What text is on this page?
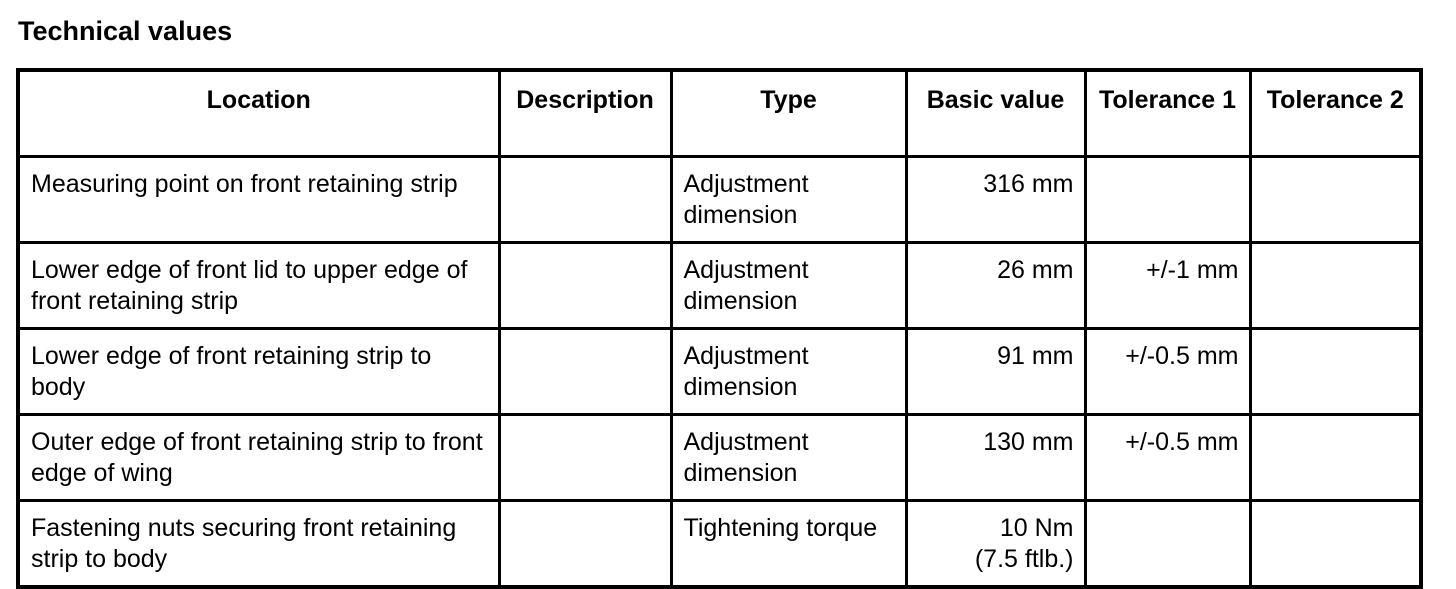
Technical values
Location	Description	Type	Basic value	Tolerance 1	Tolerance 2
Measuring point on front retaining strip		Adjustment dimension	316 mm		

Lower edge of front lid to upper edge of front retaining strip		Adjustment dimension	26 mm	+/-1 mm	
Lower edge of front retaining strip to body		Adjustment dimension	91 mm	+/-0.5 mm	
Outer edge of front retaining strip to front edge of wing		Adjustment dimension	130 mm	+/-0.5 mm	
Fastening nuts securing front retaining strip to body		Tightening torque	10 Nm
(7.5 ftlb.)		
